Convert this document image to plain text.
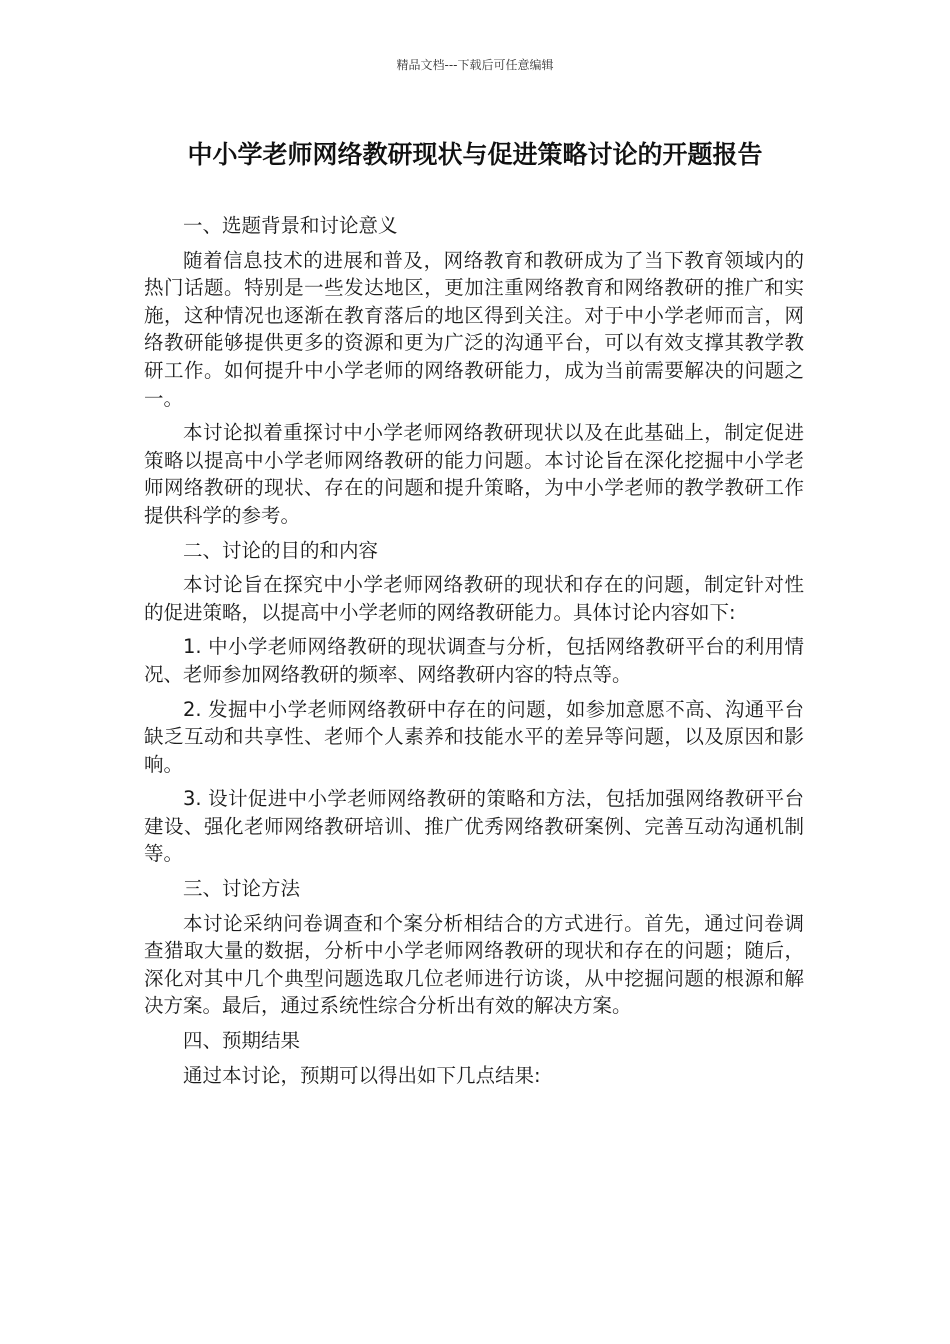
精品文档---下载后可任意编辑
中小学老师网络教研现状与促进策略讨论的开题报告

一、选题背景和讨论意义

随着信息技术的进展和普及，网络教育和教研成为了当下教育领域内的热门话题。特别是一些发达地区，更加注重网络教育和网络教研的推广和实施，这种情况也逐渐在教育落后的地区得到关注。对于中小学老师而言，网络教研能够提供更多的资源和更为广泛的沟通平台，可以有效支撑其教学教研工作。如何提升中小学老师的网络教研能力，成为当前需要解决的问题之一。

本讨论拟着重探讨中小学老师网络教研现状以及在此基础上，制定促进策略以提高中小学老师网络教研的能力问题。本讨论旨在深化挖掘中小学老师网络教研的现状、存在的问题和提升策略，为中小学老师的教学教研工作提供科学的参考。

二、讨论的目的和内容

本讨论旨在探究中小学老师网络教研的现状和存在的问题，制定针对性的促进策略，以提高中小学老师的网络教研能力。具体讨论内容如下:

1. 中小学老师网络教研的现状调查与分析，包括网络教研平台的利用情况、老师参加网络教研的频率、网络教研内容的特点等。

2. 发掘中小学老师网络教研中存在的问题，如参加意愿不高、沟通平台缺乏互动和共享性、老师个人素养和技能水平的差异等问题，以及原因和影响。

3. 设计促进中小学老师网络教研的策略和方法，包括加强网络教研平台建设、强化老师网络教研培训、推广优秀网络教研案例、完善互动沟通机制等。

三、讨论方法

本讨论采纳问卷调查和个案分析相结合的方式进行。首先，通过问卷调查猎取大量的数据，分析中小学老师网络教研的现状和存在的问题；随后，深化对其中几个典型问题选取几位老师进行访谈，从中挖掘问题的根源和解决方案。最后，通过系统性综合分析出有效的解决方案。

四、预期结果

通过本讨论，预期可以得出如下几点结果:
